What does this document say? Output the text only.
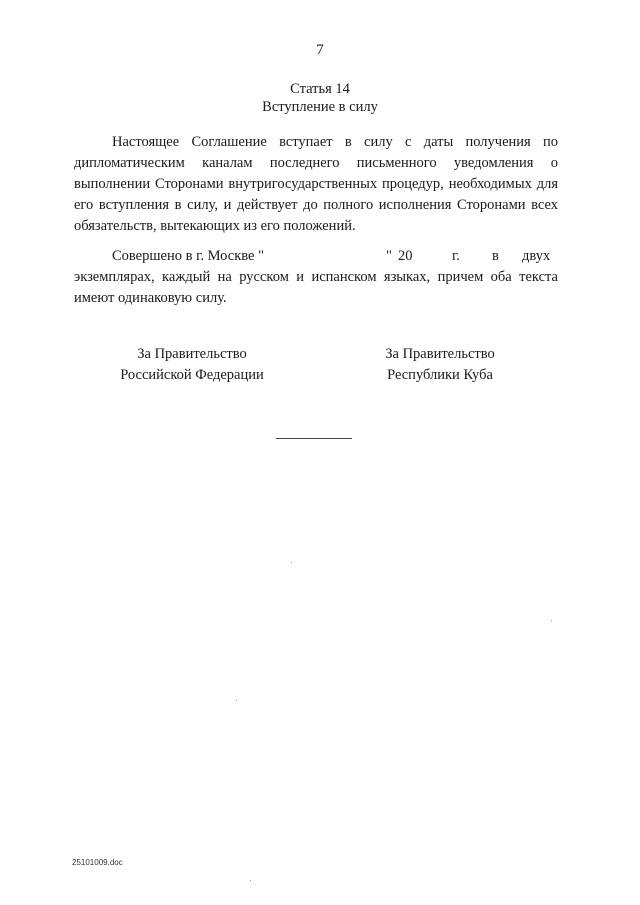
7
Статья 14
Вступление в силу
Настоящее Соглашение вступает в силу с даты получения по дипломатическим каналам последнего письменного уведомления о выполнении Сторонами внутригосударственных процедур, необходимых для его вступления в силу, и действует до полного исполнения Сторонами всех обязательств, вытекающих из его положений.
Совершено в г. Москве "	" 20	г. в двух
экземплярах, каждый на русском и испанском языках, причем оба текста имеют одинаковую силу.
За Правительство
Российской Федерации
За Правительство
Республики Куба
25101009.doc
